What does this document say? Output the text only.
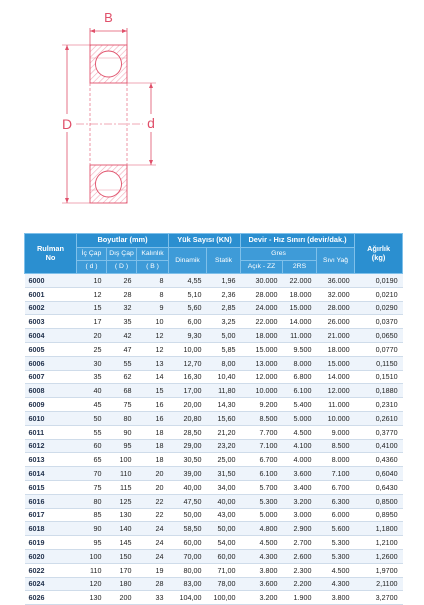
B
D	d
Rulman
No	Boyutlar (mm)			Yük Sayısı (KN)		Devir - Hız Sınırı (devir/dak.)			Ağırlık
(kg)
	İç Çap	Dış Çap	Kalınlık	Dinamik	Statik	Gres		Sıvı Yağ	
	( d )	( D )	( B )			Açık - ZZ	2RS		
6000	10	26	8	4,55	1,96	30.000	22.000	36.000	0,0190
6001	12	28	8	5,10	2,36	28.000	18.000	32.000	0,0210
6002	15	32	9	5,60	2,85	24.000	15.000	28.000	0,0290
6003	17	35	10	6,00	3,25	22.000	14.000	26.000	0,0370
6004	20	42	12	9,30	5,00	18.000	11.000	21.000	0,0650
6005	25	47	12	10,00	5,85	15.000	9.500	18.000	0,0770
6006	30	55	13	12,70	8,00	13.000	8.000	15.000	0,1150
6007	35	62	14	16,30	10,40	12.000	6.800	14.000	0,1510
6008	40	68	15	17,00	11,80	10.000	6.100	12.000	0,1880
6009	45	75	16	20,00	14,30	9.200	5.400	11.000	0,2310
6010	50	80	16	20,80	15,60	8.500	5.000	10.000	0,2610
6011	55	90	18	28,50	21,20	7.700	4.500	9.000	0,3770
6012	60	95	18	29,00	23,20	7.100	4.100	8.500	0,4100
6013	65	100	18	30,50	25,00	6.700	4.000	8.000	0,4360
6014	70	110	20	39,00	31,50	6.100	3.600	7.100	0,6040
6015	75	115	20	40,00	34,00	5.700	3.400	6.700	0,6430
6016	80	125	22	47,50	40,00	5.300	3.200	6.300	0,8500
6017	85	130	22	50,00	43,00	5.000	3.000	6.000	0,8950
6018	90	140	24	58,50	50,00	4.800	2.900	5.600	1,1800
6019	95	145	24	60,00	54,00	4.500	2.700	5.300	1,2100
6020	100	150	24	70,00	60,00	4.300	2.600	5.300	1,2600
6022	110	170	19	80,00	71,00	3.800	2.300	4.500	1,9700
6024	120	180	28	83,00	78,00	3.600	2.200	4.300	2,1100
6026	130	200	33	104,00	100,00	3.200	1.900	3.800	3,2700
